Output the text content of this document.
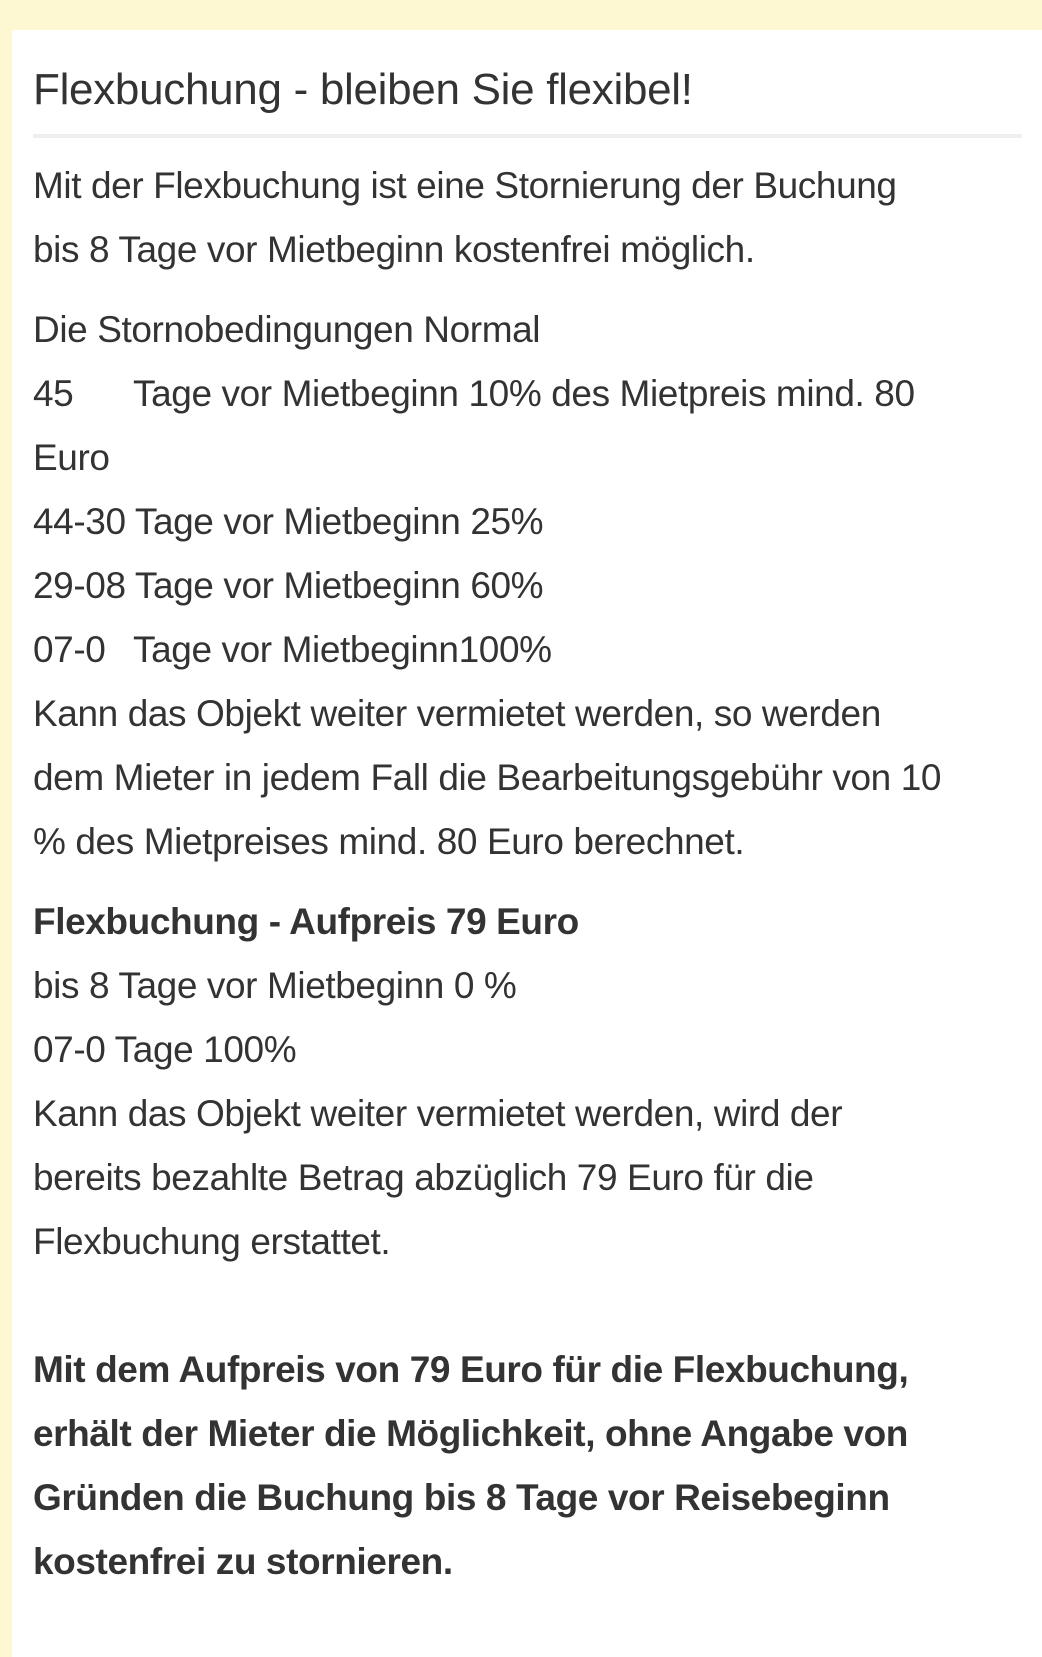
Flexbuchung - bleiben Sie flexibel!

Mit der Flexbuchung ist eine Stornierung der Buchung
bis 8 Tage vor Mietbeginn kostenfrei möglich.

Die Stornobedingungen Normal
45 Tage vor Mietbeginn 10% des Mietpreis mind. 80
Euro
44-30 Tage vor Mietbeginn 25%
29-08 Tage vor Mietbeginn 60%
07-0 Tage vor Mietbeginn100%
Kann das Objekt weiter vermietet werden, so werden
dem Mieter in jedem Fall die Bearbeitungsgebühr von 10
% des Mietpreises mind. 80 Euro berechnet.

Flexbuchung - Aufpreis 79 Euro
bis 8 Tage vor Mietbeginn 0 %
07-0 Tage 100%
Kann das Objekt weiter vermietet werden, wird der
bereits bezahlte Betrag abzüglich 79 Euro für die
Flexbuchung erstattet.

Mit dem Aufpreis von 79 Euro für die Flexbuchung,
erhält der Mieter die Möglichkeit, ohne Angabe von
Gründen die Buchung bis 8 Tage vor Reisebeginn
kostenfrei zu stornieren.
